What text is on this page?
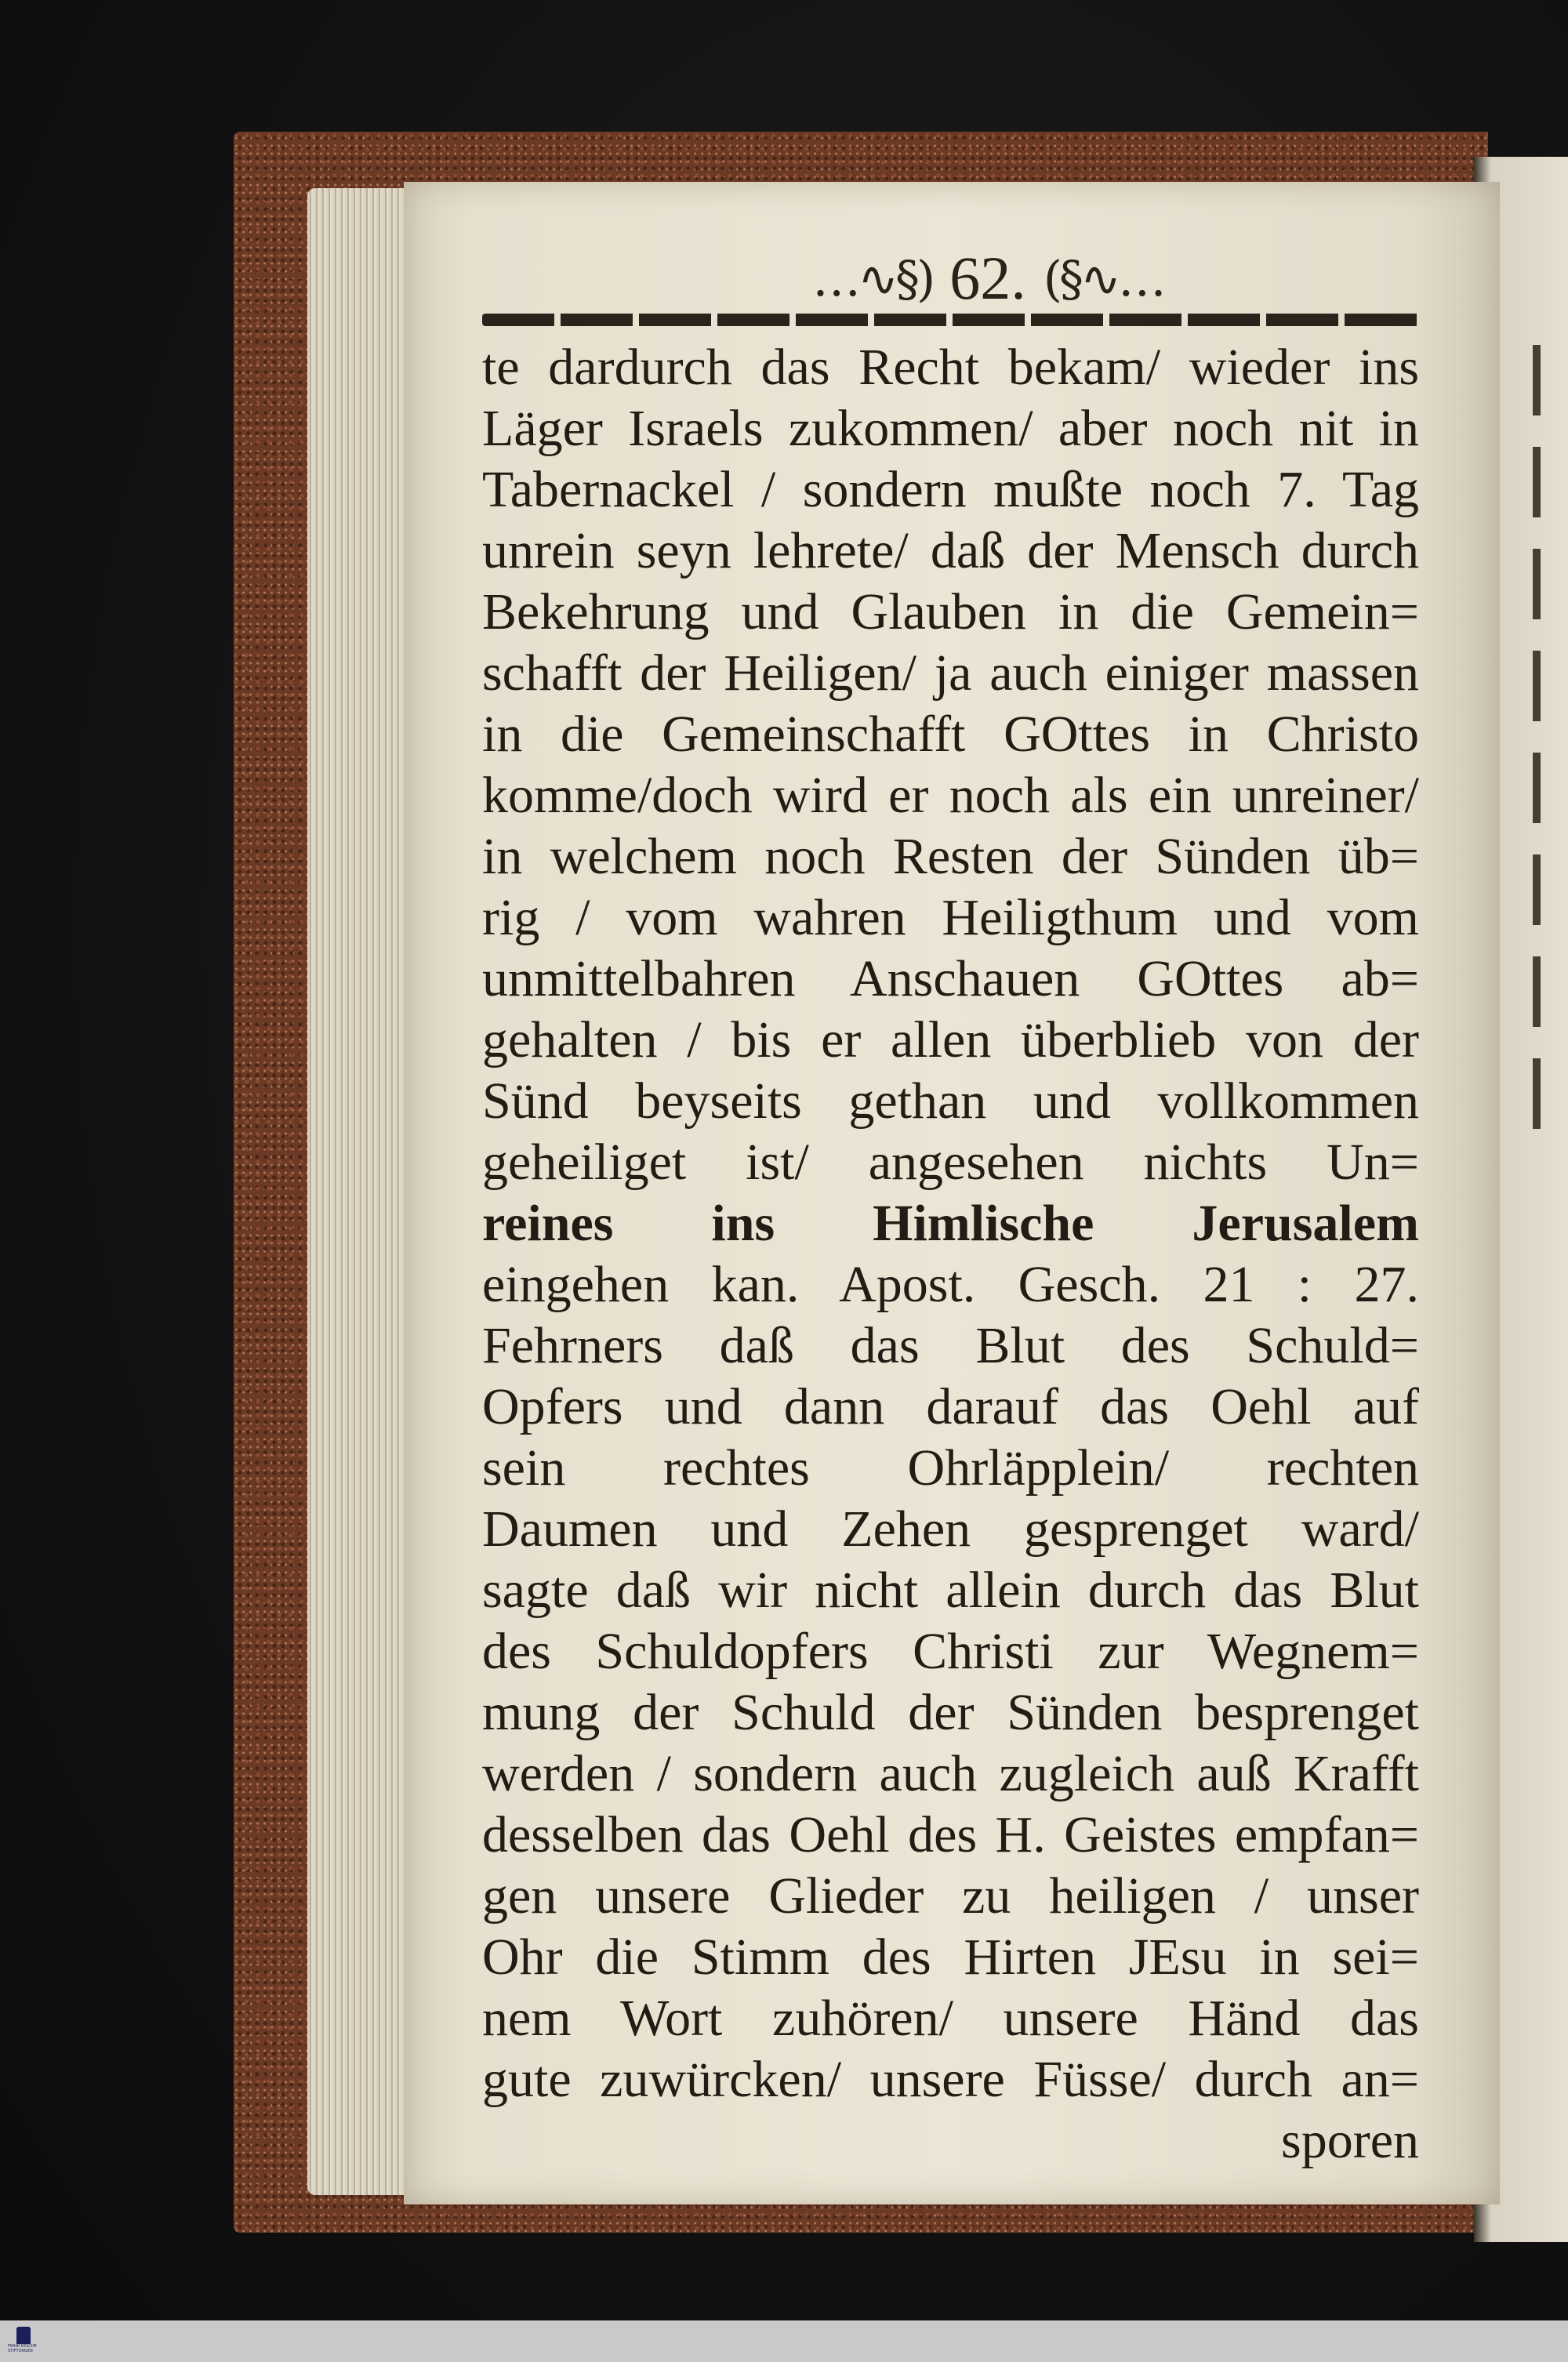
…∿§) 62. (§∿…
te dardurch das Recht bekam/ wieder ins
Läger Israels zukommen/ aber noch nit in
Tabernackel / sondern mußte noch 7. Tag
unrein seyn lehrete/ daß der Mensch durch
Bekehrung und Glauben in die Gemein=
schafft der Heiligen/ ja auch einiger massen
in die Gemeinschafft GOttes in Christo
komme/doch wird er noch als ein unreiner/
in welchem noch Resten der Sünden üb=
rig / vom wahren Heiligthum und vom
unmittelbahren Anschauen GOttes ab=
gehalten / bis er allen überblieb von der
Sünd beyseits gethan und vollkommen
geheiliget ist/ angesehen nichts Un=
reines ins Himlische Jerusalem
eingehen kan. Apost. Gesch. 21 : 27.
Fehrners daß das Blut des Schuld=
Opfers und dann darauf das Oehl auf
sein rechtes Ohrläpplein/ rechten
Daumen und Zehen gesprenget ward/
sagte daß wir nicht allein durch das Blut
des Schuldopfers Christi zur Wegnem=
mung der Schuld der Sünden besprenget
werden / sondern auch zugleich auß Krafft
desselben das Oehl des H. Geistes empfan=
gen unsere Glieder zu heiligen / unser
Ohr die Stimm des Hirten JEsu in sei=
nem Wort zuhören/ unsere Händ das
gute zuwürcken/ unsere Füsse/ durch an=
sporen
FRANCKESCHE STIFTUNGEN
